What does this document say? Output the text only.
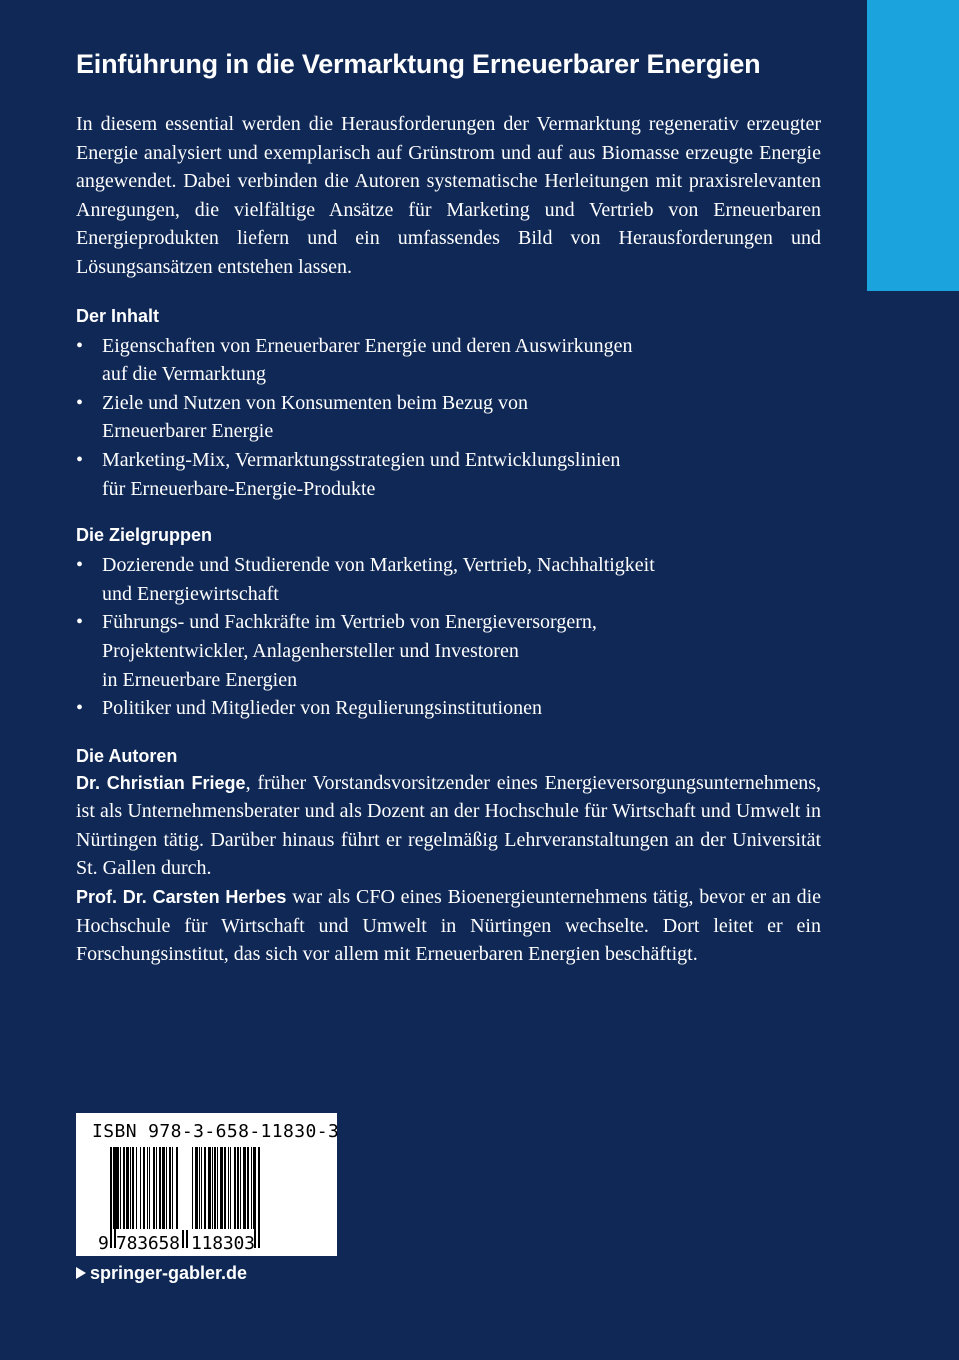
Einführung in die Vermarktung Erneuerbarer Energien

In diesem essential werden die Herausforderungen der Vermarktung regenerativ erzeugter Energie analysiert und exemplarisch auf Grünstrom und auf aus Biomasse erzeugte Energie angewendet. Dabei verbinden die Autoren systematische Herleitungen mit praxisrelevanten Anregungen, die vielfältige Ansätze für Marketing und Vertrieb von Erneuerbaren Energieprodukten liefern und ein umfassendes Bild von Herausforderungen und Lösungsansätzen entstehen lassen.

Der Inhalt
• Eigenschaften von Erneuerbarer Energie und deren Auswirkungen
auf die Vermarktung
• Ziele und Nutzen von Konsumenten beim Bezug von
Erneuerbarer Energie
• Marketing-Mix, Vermarktungsstrategien und Entwicklungslinien
für Erneuerbare-Energie-Produkte
Die Zielgruppen
• Dozierende und Studierende von Marketing, Vertrieb, Nachhaltigkeit
und Energiewirtschaft
• Führungs- und Fachkräfte im Vertrieb von Energieversorgern,
Projektentwickler, Anlagenhersteller und Investoren
in Erneuerbare Energien
• Politiker und Mitglieder von Regulierungsinstitutionen
Die Autoren

Dr. Christian Friege, früher Vorstandsvorsitzender eines Energieversorgungsunternehmens, ist als Unternehmensberater und als Dozent an der Hochschule für Wirtschaft und Umwelt in Nürtingen tätig. Darüber hinaus führt er regelmäßig Lehrveranstaltungen an der Universität St. Gallen durch.

Prof. Dr. Carsten Herbes war als CFO eines Bioenergieunternehmens tätig, bevor er an die Hochschule für Wirtschaft und Umwelt in Nürtingen wechselte. Dort leitet er ein Forschungsinstitut, das sich vor allem mit Erneuerbaren Energien beschäftigt.

ISBN 978-3-658-11830-3
9 783658 118303
springer-gabler.de
